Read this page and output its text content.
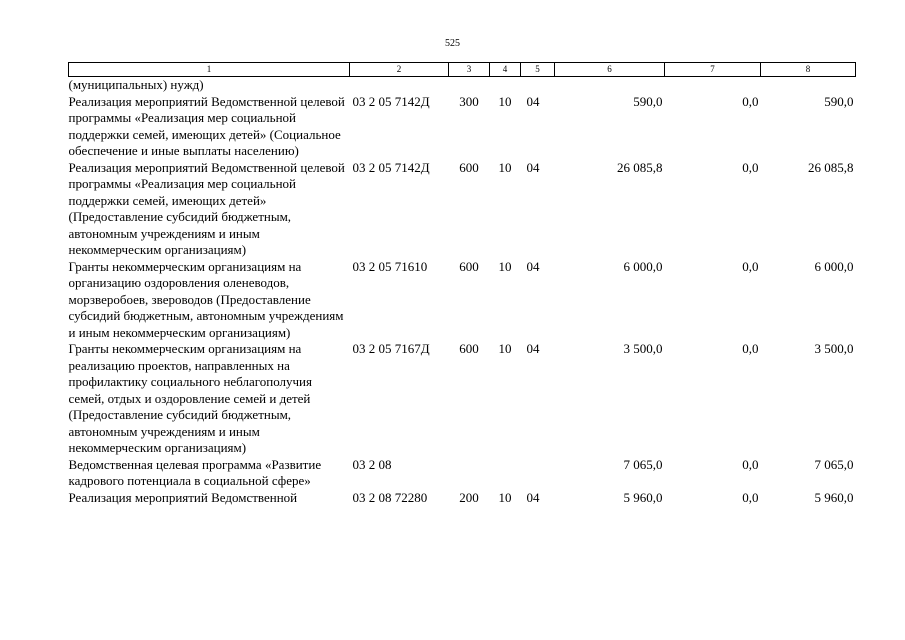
525
1	2	3	4	5	6	7	8
(муниципальных) нужд)							
Реализация мероприятий Ведомственной целевой программы «Реализация мер социальной поддержки семей, имеющих детей» (Социальное обеспечение и иные выплаты населению)	03 2 05 7142Д	300	10	04	590,0	0,0	590,0
Реализация мероприятий Ведомственной целевой программы «Реализация мер социальной поддержки семей, имеющих детей» (Предоставление субсидий бюджетным, автономным учреждениям и иным некоммерческим организациям)	03 2 05 7142Д	600	10	04	26 085,8	0,0	26 085,8
Гранты некоммерческим организациям на организацию оздоровления оленеводов, морзверобоев, звероводов (Предоставление субсидий бюджетным, автономным учреждениям и иным некоммерческим организациям)	03 2 05 71610	600	10	04	6 000,0	0,0	6 000,0
Гранты некоммерческим организациям на реализацию проектов, направленных на профилактику социального неблагополучия семей, отдых и оздоровление семей и детей (Предоставление субсидий бюджетным, автономным учреждениям и иным некоммерческим организациям)	03 2 05 7167Д	600	10	04	3 500,0	0,0	3 500,0
Ведомственная целевая программа «Развитие кадрового потенциала в социальной сфере»	03 2 08				7 065,0	0,0	7 065,0
Реализация мероприятий Ведомственной	03 2 08 72280	200	10	04	5 960,0	0,0	5 960,0
